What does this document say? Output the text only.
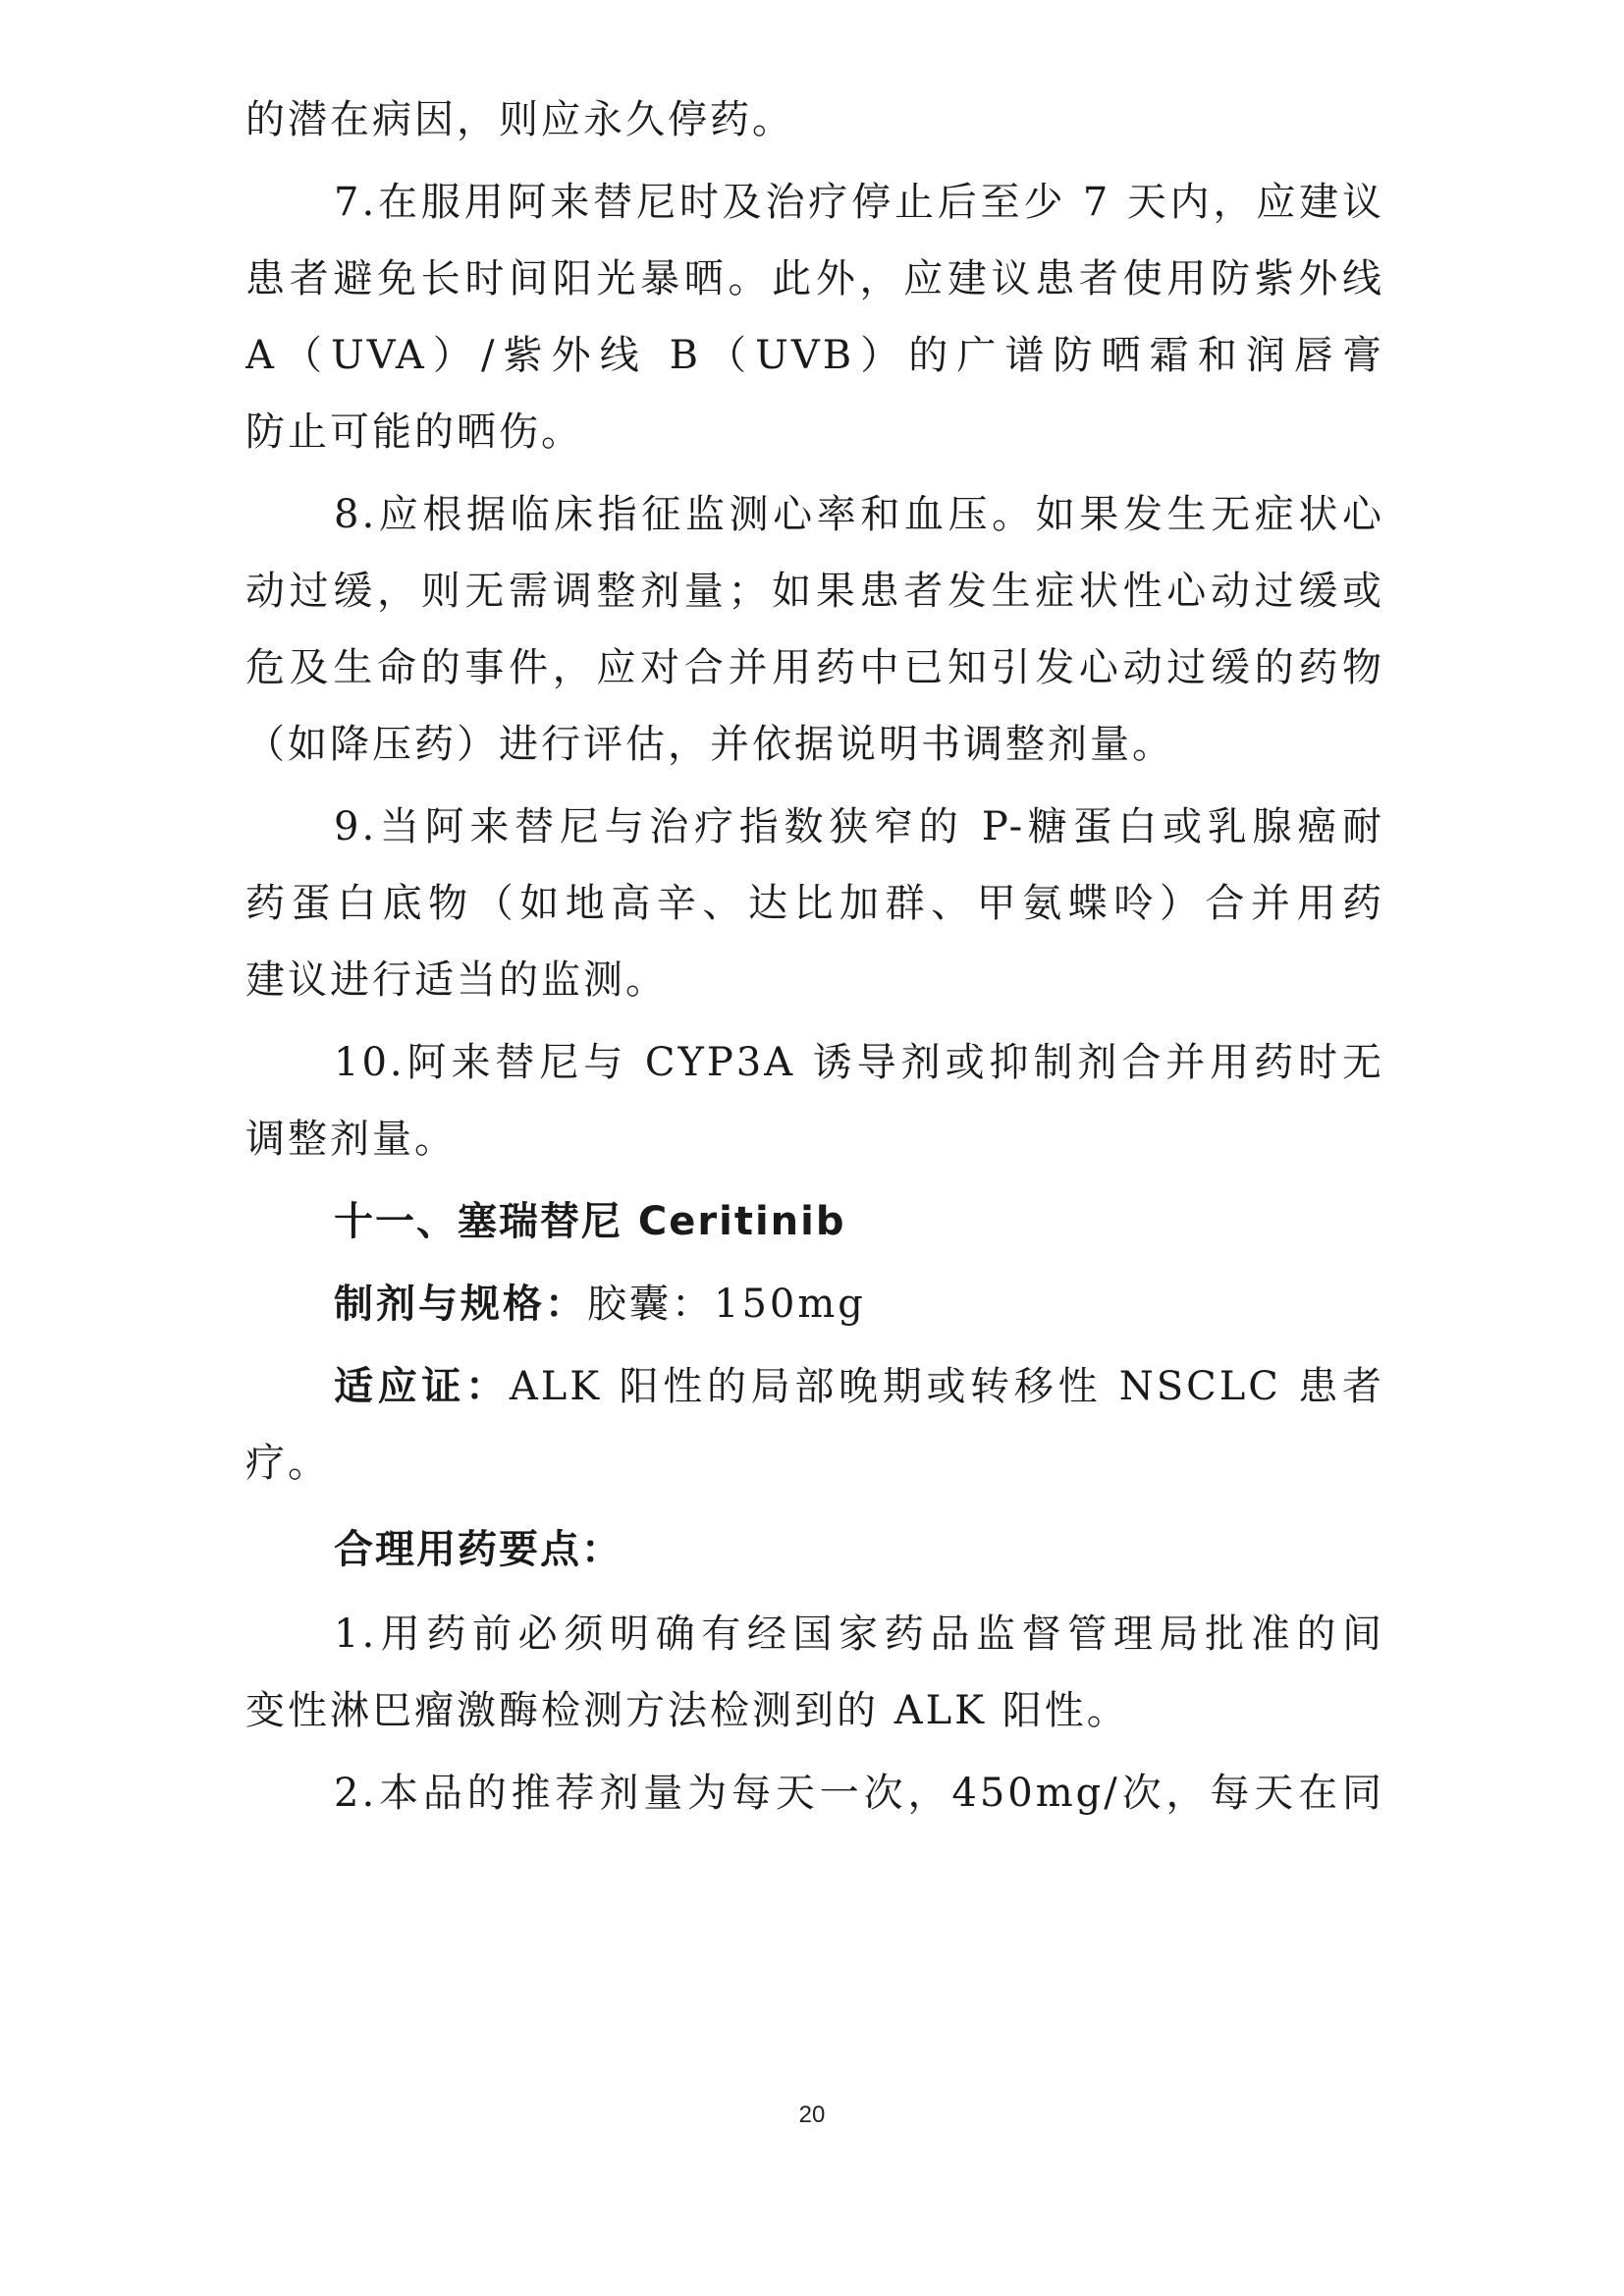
的潜在病因，则应永久停药。
7.在服用阿来替尼时及治疗停止后至少 7 天内，应建议
患者避免长时间阳光暴晒。此外，应建议患者使用防紫外线
A（UVA）/紫外线 B（UVB）的广谱防晒霜和润唇膏
防止可能的晒伤。
8.应根据临床指征监测心率和血压。如果发生无症状心
动过缓，则无需调整剂量；如果患者发生症状性心动过缓或
危及生命的事件，应对合并用药中已知引发心动过缓的药物
（如降压药）进行评估，并依据说明书调整剂量。
9.当阿来替尼与治疗指数狭窄的 P-糖蛋白或乳腺癌耐
药蛋白底物（如地高辛、达比加群、甲氨蝶呤）合并用药
建议进行适当的监测。
10.阿来替尼与 CYP3A 诱导剂或抑制剂合并用药时无
调整剂量。
十一、塞瑞替尼 Ceritinib
制剂与规格：胶囊：150mg
适应证：ALK 阳性的局部晚期或转移性 NSCLC 患者
疗。
合理用药要点：
1.用药前必须明确有经国家药品监督管理局批准的间
变性淋巴瘤激酶检测方法检测到的 ALK 阳性。
2.本品的推荐剂量为每天一次，450mg/次，每天在同
20
